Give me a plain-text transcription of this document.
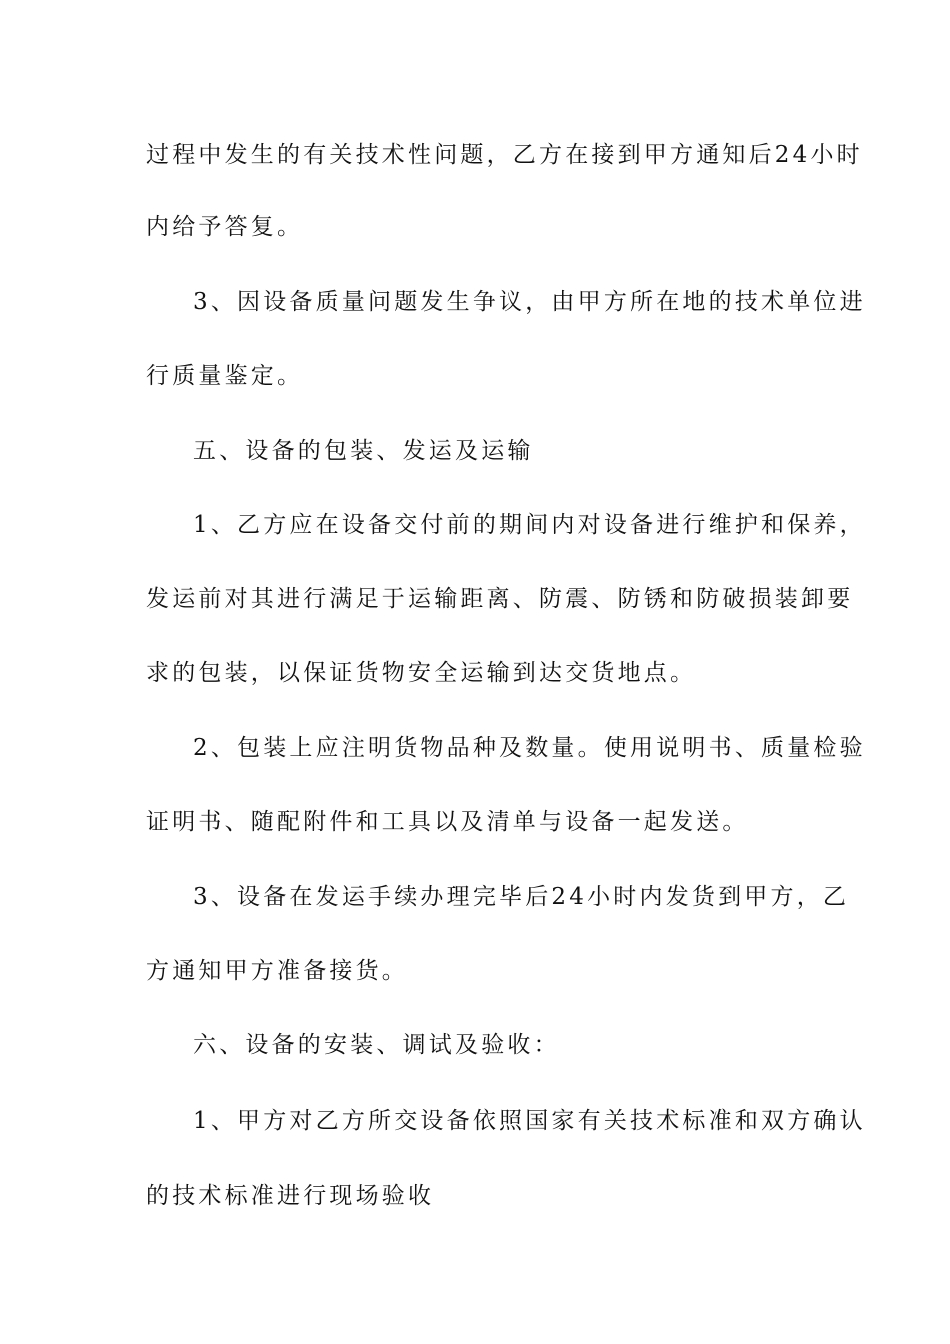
过程中发生的有关技术性问题，乙方在接到甲方通知后24小时
内给予答复。
3、因设备质量问题发生争议，由甲方所在地的技术单位进
行质量鉴定。
五、设备的包装、发运及运输
1、乙方应在设备交付前的期间内对设备进行维护和保养，
发运前对其进行满足于运输距离、防震、防锈和防破损装卸要
求的包装，以保证货物安全运输到达交货地点。
2、包装上应注明货物品种及数量。使用说明书、质量检验
证明书、随配附件和工具以及清单与设备一起发送。
3、设备在发运手续办理完毕后24小时内发货到甲方，乙
方通知甲方准备接货。
六、设备的安装、调试及验收：
1、甲方对乙方所交设备依照国家有关技术标准和双方确认
的技术标准进行现场验收
